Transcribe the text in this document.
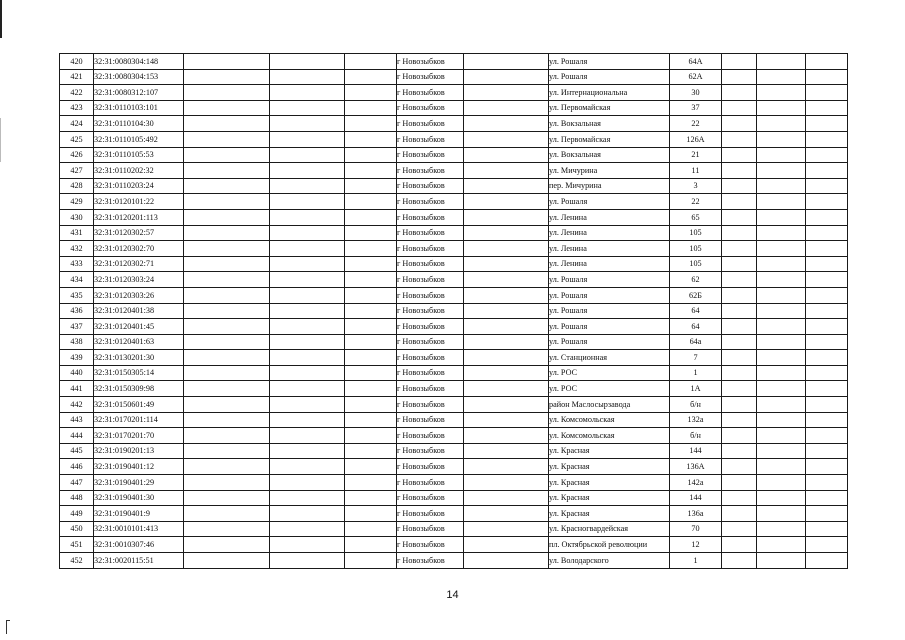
420	32:31:0080304:148				г Новозыбков		ул. Рошаля	64А			
421	32:31:0080304:153				г Новозыбков		ул. Рошаля	62А			
422	32:31:0080312:107				г Новозыбков		ул. Интернациональна	30			
423	32:31:0110103:101				г Новозыбков		ул. Первомайская	37			
424	32:31:0110104:30				г Новозыбков		ул. Вокзальная	22			
425	32:31:0110105:492				г Новозыбков		ул. Первомайская	126А			
426	32:31:0110105:53				г Новозыбков		ул. Вокзальная	21			
427	32:31:0110202:32				г Новозыбков		ул. Мичурина	11			
428	32:31:0110203:24				г Новозыбков		пер. Мичурина	3			
429	32:31:0120101:22				г Новозыбков		ул. Рошаля	22			
430	32:31:0120201:113				г Новозыбков		ул. Ленина	65			
431	32:31:0120302:57				г Новозыбков		ул. Ленина	105			
432	32:31:0120302:70				г Новозыбков		ул. Ленина	105			
433	32:31:0120302:71				г Новозыбков		ул. Ленина	105			
434	32:31:0120303:24				г Новозыбков		ул. Рошаля	62			
435	32:31:0120303:26				г Новозыбков		ул. Рошаля	62Б			
436	32:31:0120401:38				г Новозыбков		ул. Рошаля	64			
437	32:31:0120401:45				г Новозыбков		ул. Рошаля	64			
438	32:31:0120401:63				г Новозыбков		ул. Рошаля	64а			
439	32:31:0130201:30				г Новозыбков		ул. Станционная	7			
440	32:31:0150305:14				г Новозыбков		ул. РОС	1			
441	32:31:0150309:98				г Новозыбков		ул. РОС	1А			
442	32:31:0150601:49				г Новозыбков		район Маслосырзавода	б/н			
443	32:31:0170201:114				г Новозыбков		ул. Комсомольская	132а			
444	32:31:0170201:70				г Новозыбков		ул. Комсомольская	б/н			
445	32:31:0190201:13				г Новозыбков		ул. Красная	144			
446	32:31:0190401:12				г Новозыбков		ул. Красная	136А			
447	32:31:0190401:29				г Новозыбков		ул. Красная	142а			
448	32:31:0190401:30				г Новозыбков		ул. Красная	144			
449	32:31:0190401:9				г Новозыбков		ул. Красная	136а			
450	32:31:0010101:413				г Новозыбков		ул. Красногвардейская	70			
451	32:31:0010307:46				г Новозыбков		пл. Октябрьской революции	12			
452	32:31:0020115:51				г Новозыбков		ул. Володарского	1			
14
